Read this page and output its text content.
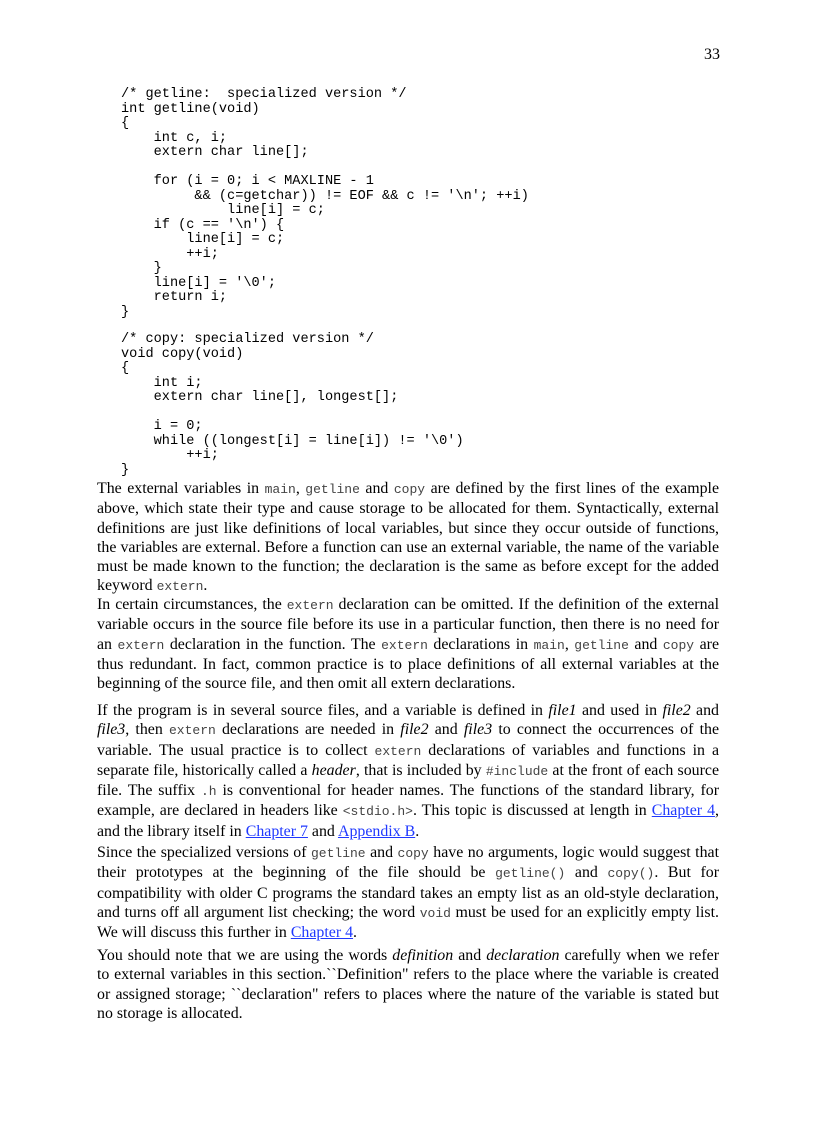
33
/* getline:  specialized version */
int getline(void)
{
int c, i;
extern char line[];

for (i = 0; i < MAXLINE - 1
&& (c=getchar)) != EOF && c != '\n'; ++i)
line[i] = c;
if (c == '\n') {
line[i] = c;
++i;
}
line[i] = '\0';
return i;
}
/* copy: specialized version */
void copy(void)
{
int i;
extern char line[], longest[];

i = 0;
while ((longest[i] = line[i]) != '\0')
++i;
}

The external variables in main, getline and copy are defined by the first lines of the example above, which state their type and cause storage to be allocated for them. Syntactically, external definitions are just like definitions of local variables, but since they occur outside of functions, the variables are external. Before a function can use an external variable, the name of the variable must be made known to the function; the declaration is the same as before except for the added keyword extern.

In certain circumstances, the extern declaration can be omitted. If the definition of the external variable occurs in the source file before its use in a particular function, then there is no need for an extern declaration in the function. The extern declarations in main, getline and copy are thus redundant. In fact, common practice is to place definitions of all external variables at the beginning of the source file, and then omit all extern declarations.

If the program is in several source files, and a variable is defined in file1 and used in file2 and file3, then extern declarations are needed in file2 and file3 to connect the occurrences of the variable. The usual practice is to collect extern declarations of variables and functions in a separate file, historically called a header, that is included by #include at the front of each source file. The suffix .h is conventional for header names. The functions of the standard library, for example, are declared in headers like <stdio.h>. This topic is discussed at length in Chapter 4, and the library itself in Chapter 7 and Appendix B.

Since the specialized versions of getline and copy have no arguments, logic would suggest that their prototypes at the beginning of the file should be getline() and copy(). But for compatibility with older C programs the standard takes an empty list as an old-style declaration, and turns off all argument list checking; the word void must be used for an explicitly empty list. We will discuss this further in Chapter 4.

You should note that we are using the words definition and declaration carefully when we refer to external variables in this section.``Definition" refers to the place where the variable is created or assigned storage; ``declaration" refers to places where the nature of the variable is stated but no storage is allocated.
